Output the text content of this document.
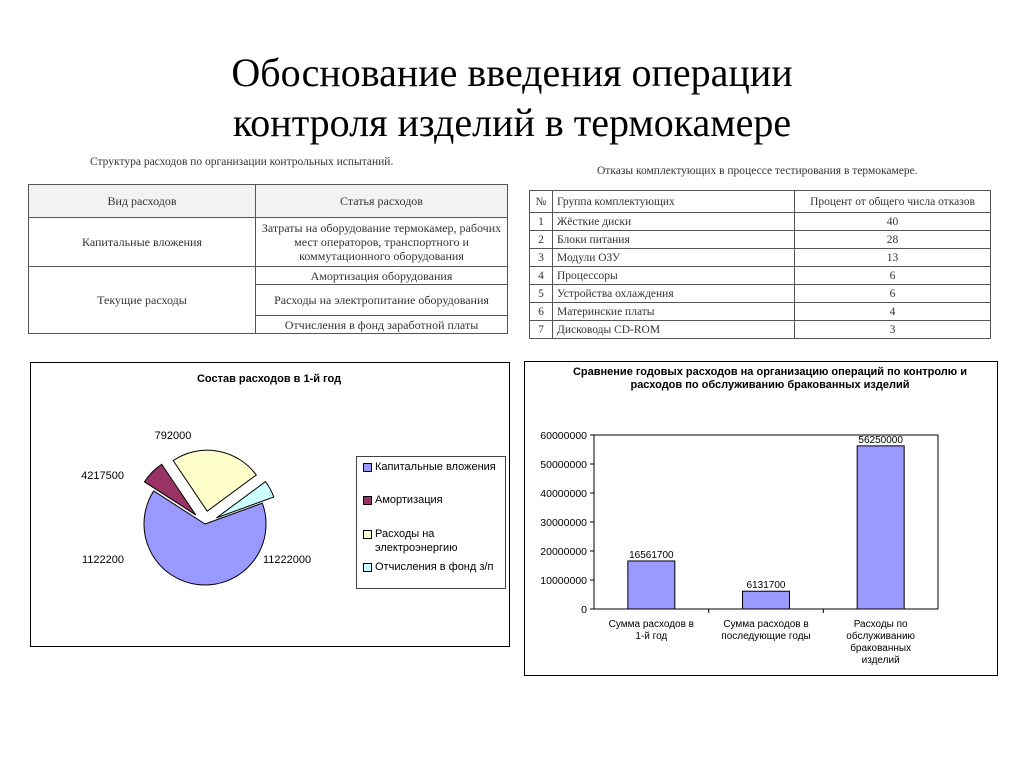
Обоснование введения операции
контроля изделий в термокамере
Структура расходов по организации контрольных испытаний.
Вид расходов	Статья расходов
Капитальные вложения	Затраты на оборудование термокамер, рабочих мест операторов, транспортного и коммутационного оборудования
Текущие расходы	Амортизация оборудования
	Расходы на электропитание оборудования
	Отчисления в фонд заработной платы
Отказы комплектующих в процессе тестирования в термокамере.
№	Группа комплектующих	Процент от общего числа отказов
1	Жёсткие диски	40
2	Блоки питания	28
3	Модули ОЗУ	13
4	Процессоры	6
5	Устройства охлаждения	6
6	Материнские платы	4
7	Дисководы CD-ROM	3
Состав расходов в 1-й год
11222000
1122200
4217500
792000
Капитальные вложения
Амортизация
Расходы на электроэнергию
Отчисления в фонд з/п
Сравнение годовых расходов на организацию операций по контролю и расходов по обслуживанию бракованных изделий
0
10000000
20000000
30000000
40000000
50000000
60000000
16561700
6131700
56250000
Сумма расходов в 1-й год
Сумма расходов в последующие годы
Расходы по обслуживанию бракованных изделий
